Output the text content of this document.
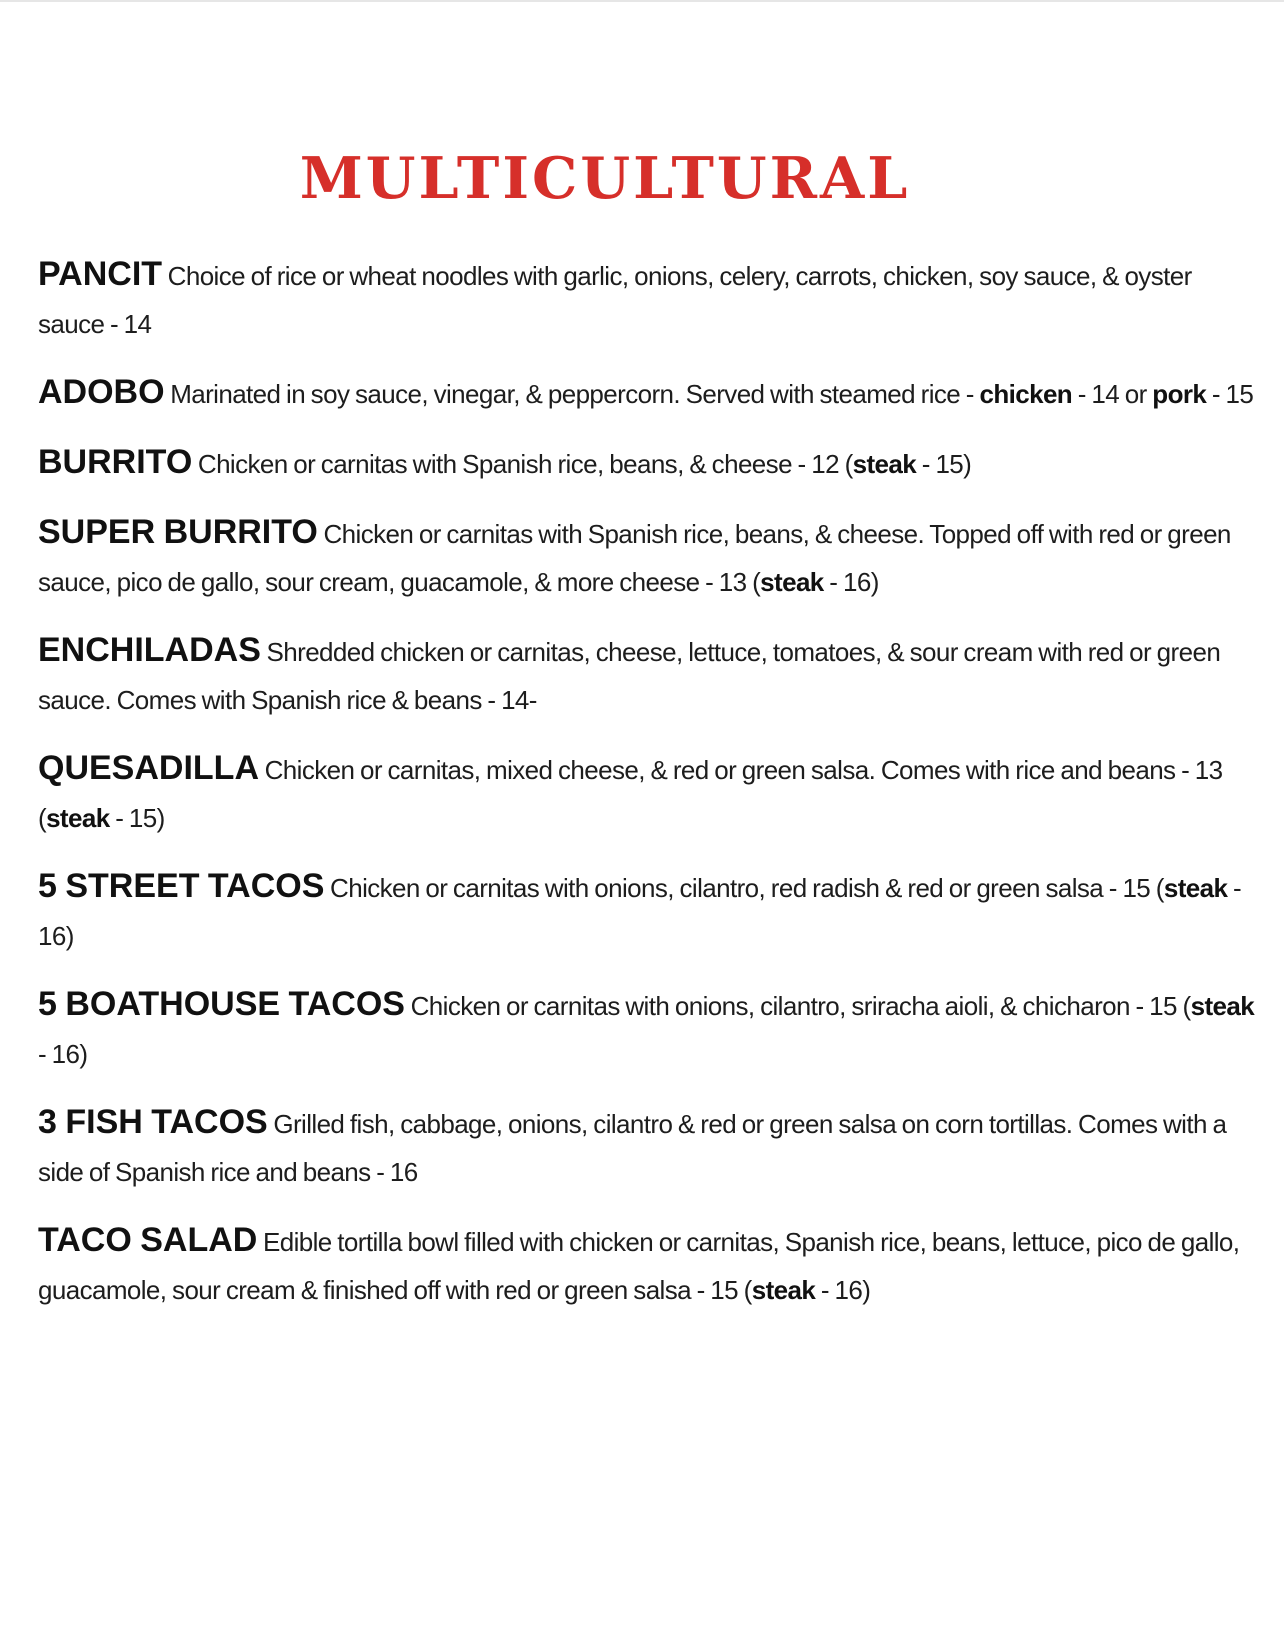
MULTICULTURAL
PANCIT Choice of rice or wheat noodles with garlic, onions, celery, carrots, chicken, soy sauce, & oyster sauce - 14
ADOBO Marinated in soy sauce, vinegar, & peppercorn. Served with steamed rice - chicken - 14 or pork - 15
BURRITO Chicken or carnitas with Spanish rice, beans, & cheese - 12 (steak - 15)
SUPER BURRITO Chicken or carnitas with Spanish rice, beans, & cheese. Topped off with red or green sauce, pico de gallo, sour cream, guacamole, & more cheese - 13 (steak - 16)
ENCHILADAS Shredded chicken or carnitas, cheese, lettuce, tomatoes, & sour cream with red or green sauce. Comes with Spanish rice & beans - 14-
QUESADILLA Chicken or carnitas, mixed cheese, & red or green salsa. Comes with rice and beans - 13 (steak - 15)
5 STREET TACOS Chicken or carnitas with onions, cilantro, red radish & red or green salsa - 15 (steak - 16)
5 BOATHOUSE TACOS Chicken or carnitas with onions, cilantro, sriracha aioli, & chicharon - 15 (steak - 16)
3 FISH TACOS Grilled fish, cabbage, onions, cilantro & red or green salsa on corn tortillas. Comes with a side of Spanish rice and beans - 16
TACO SALAD Edible tortilla bowl filled with chicken or carnitas, Spanish rice, beans, lettuce, pico de gallo, guacamole, sour cream & finished off with red or green salsa - 15 (steak - 16)
